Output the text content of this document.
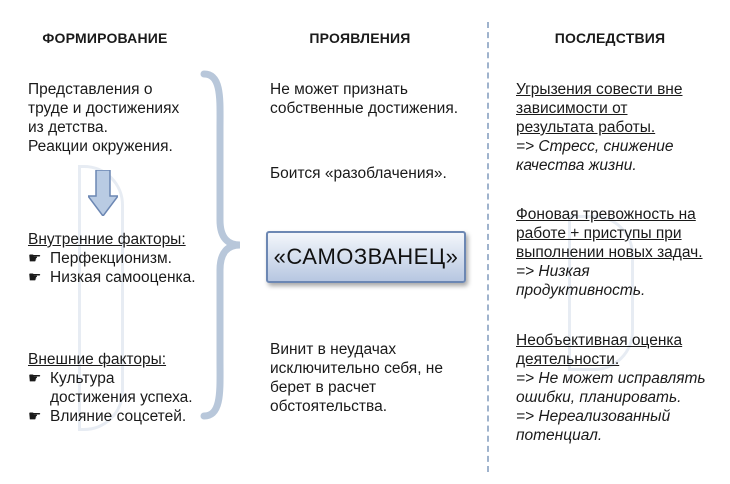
ФОРМИРОВАНИЕ	ПРОЯВЛЕНИЯ	ПОСЛЕДСТВИЯ
Представления о
труде и достижениях
из детства.
Реакции окружения.
Внутренние факторы:
☛ Перфекционизм.
☛ Низкая самооценка.
Внешние факторы:
☛ Культура
достижения успеха.
☛ Влияние соцсетей.
Не может признать
собственные достижения.
Боится «разоблачения».
«САМОЗВАНЕЦ»
Винит в неудачах
исключительно себя, не
берет в расчет
обстоятельства.
Угрызения совести вне
зависимости от
результата работы.
=> Стресс, снижение
качества жизни.
Фоновая тревожность на
работе + приступы при
выполнении новых задач.
=> Низкая
продуктивность.
Необъективная оценка
деятельности.
=> Не может исправлять
ошибки, планировать.
=> Нереализованный
потенциал.
